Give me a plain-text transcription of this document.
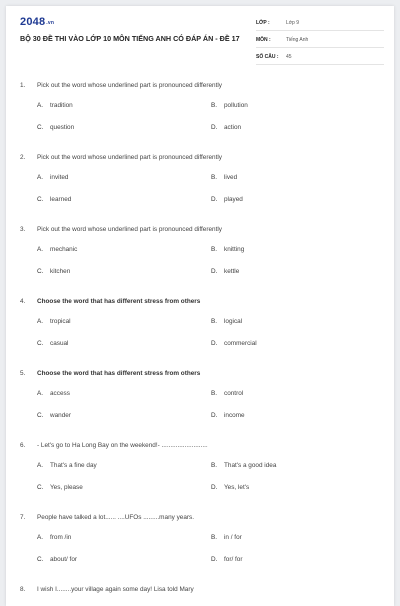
2048.vn
BỘ 30 ĐỀ THI VÀO LỚP 10 MÔN TIẾNG ANH CÓ ĐÁP ÁN - ĐỀ 17
LỚP :	Lớp 9
MÔN :	Tiếng Anh
SỐ CÂU :	45
1.	Pick out the word whose underlined part is pronounced differently
A.	tradition	B.	pollution
C.	question	D.	action
2.	Pick out the word whose underlined part is pronounced differently
A.	invited	B.	lived
C.	learned	D.	played
3.	Pick out the word whose underlined part is pronounced differently
A.	mechanic	B.	knitting
C.	kitchen	D.	kettle
4.	Choose the word that has different stress from others
A.	tropical	B.	logical
C.	casual	D.	commercial
5.	Choose the word that has different stress from others
A.	access	B.	control
C.	wander	D.	income
6.	- Let's go to Ha Long Bay on the weekend!- ..........................
A.	That's a fine day	B.	That's a good idea
C.	Yes, please	D.	Yes, let's
7.	People have talked a lot...... ....UFOs .........many years.
A.	from /in	B.	in / for
C.	about/ for	D.	for/ for
8.	I wish I........your village again some day! Lisa told Mary
